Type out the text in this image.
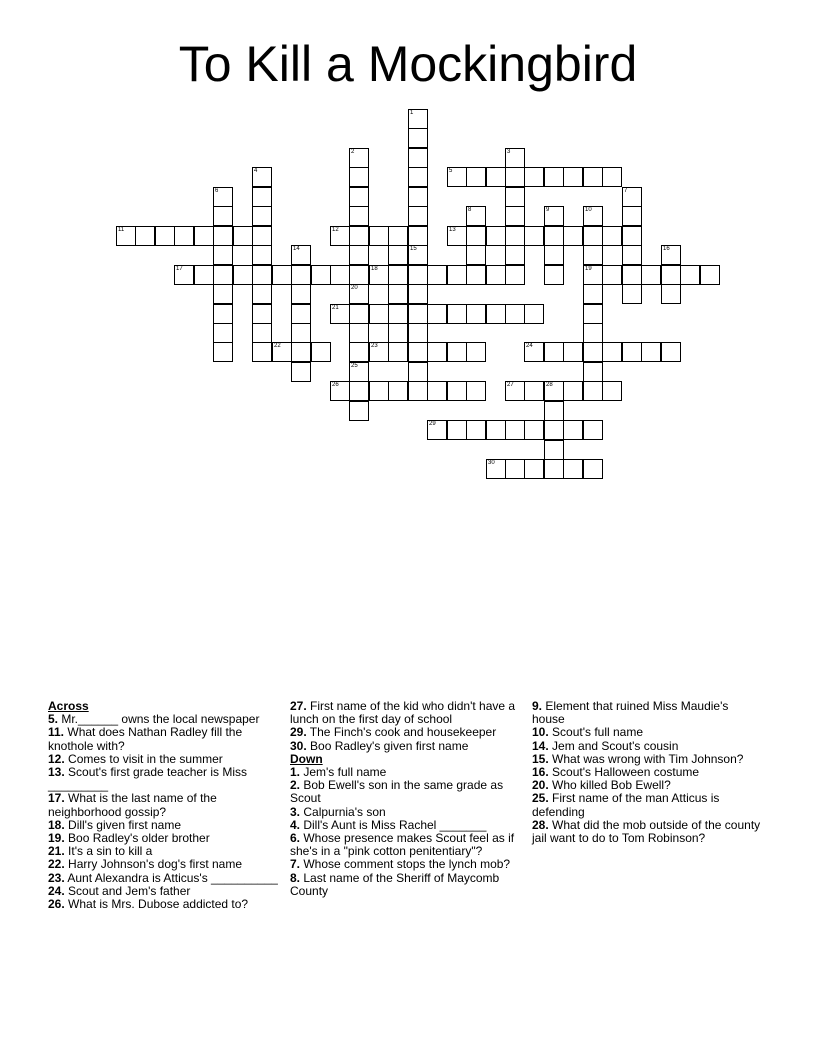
To Kill a Mockingbird
5
11	12	13
17	18	19
21
22	23	24
26	27	28
29
30
1
15
2
20
25
3
4
6	7
8	9	10
16
14
Across
5. Mr.______ owns the local newspaper
11. What does Nathan Radley fill the knothole with?
12. Comes to visit in the summer
13. Scout's first grade teacher is Miss _________
17. What is the last name of the neighborhood gossip?
18. Dill's given first name
19. Boo Radley's older brother
21. It's a sin to kill a
22. Harry Johnson's dog's first name
23. Aunt Alexandra is Atticus's __________
24. Scout and Jem's father
26. What is Mrs. Dubose addicted to?
27. First name of the kid who didn't have a lunch on the first day of school
29. The Finch's cook and housekeeper
30. Boo Radley's given first name
Down
1. Jem's full name
2. Bob Ewell's son in the same grade as Scout
3. Calpurnia's son
4. Dill's Aunt is Miss Rachel _______
6. Whose presence makes Scout feel as if she's in a "pink cotton penitentiary"?
7. Whose comment stops the lynch mob?
8. Last name of the Sheriff of Maycomb County
9. Element that ruined Miss Maudie's house
10. Scout's full name
14. Jem and Scout's cousin
15. What was wrong with Tim Johnson?
16. Scout's Halloween costume
20. Who killed Bob Ewell?
25. First name of the man Atticus is defending
28. What did the mob outside of the county jail want to do to Tom Robinson?
